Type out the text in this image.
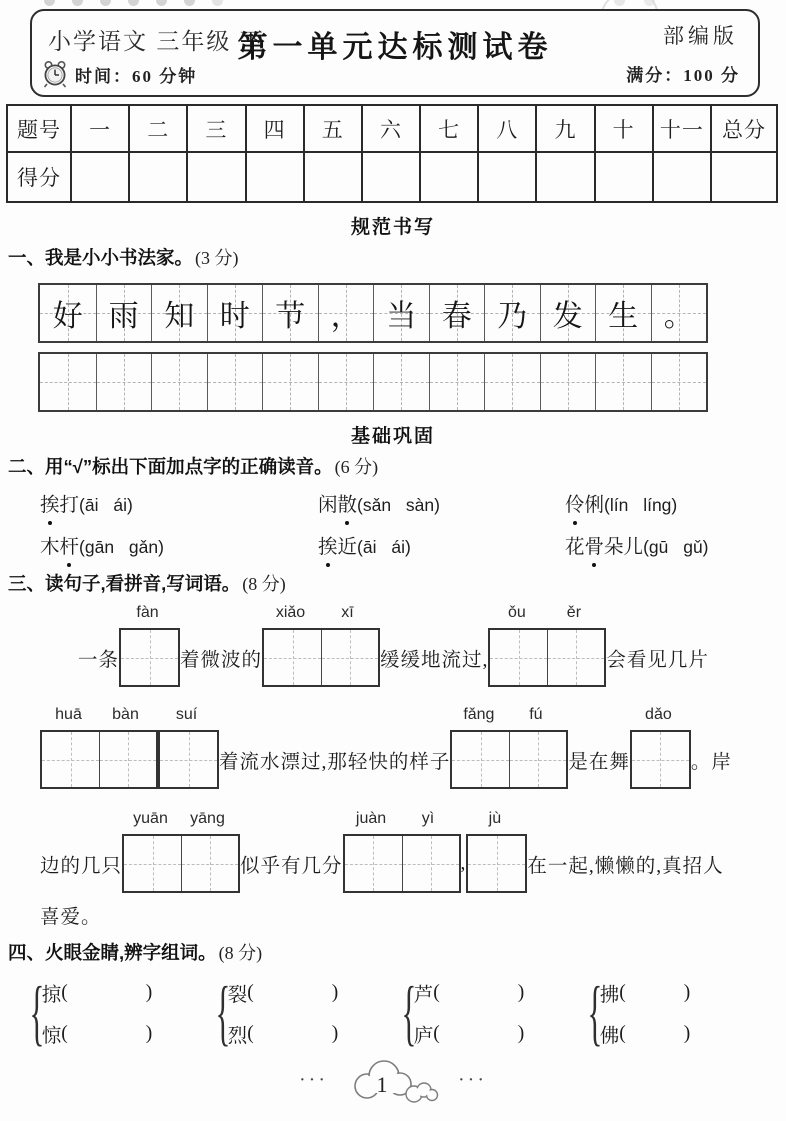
小学语文 三年级 下
第一单元达标测试卷	部编版
时间：60 分钟	满分：100 分
题号	一	二	三	四	五	六	七	八	九	十	十一	总分
得分												
规范书写
一、我是小小书法家。 (3 分)
好 雨 知 时 节 ， 当 春 乃 发 生 。
基础巩固
二、用“√”标出下面加点字的正确读音。 (6 分)
挨打(āi ái)	闲散(sǎn sàn)	伶俐(lín líng)
木杆(gān gǎn)	挨近(āi ái)	花骨朵儿(gū gǔ)
三、读句子,看拼音,写词语。 (8 分)
一条
fàn
着微波的
xiǎo	xī
缓缓地流过,
ǒu	ěr
会看见几片
huā	bàn	suí
着流水漂过,那轻快的样子
fǎng	fú
是在舞
dǎo
。岸
边的几只
yuān	yāng
似乎有几分
juàn	yì
,
jù
在一起,懒懒的,真招人
喜爱。
四、火眼金睛,辨字组词。 (8 分)
{
掠 (	)
惊 (	) {
裂 (	)
烈 (	) {
芦 (	)
庐 (	) {
拂 (	)
佛 (	)
··· 1	···
